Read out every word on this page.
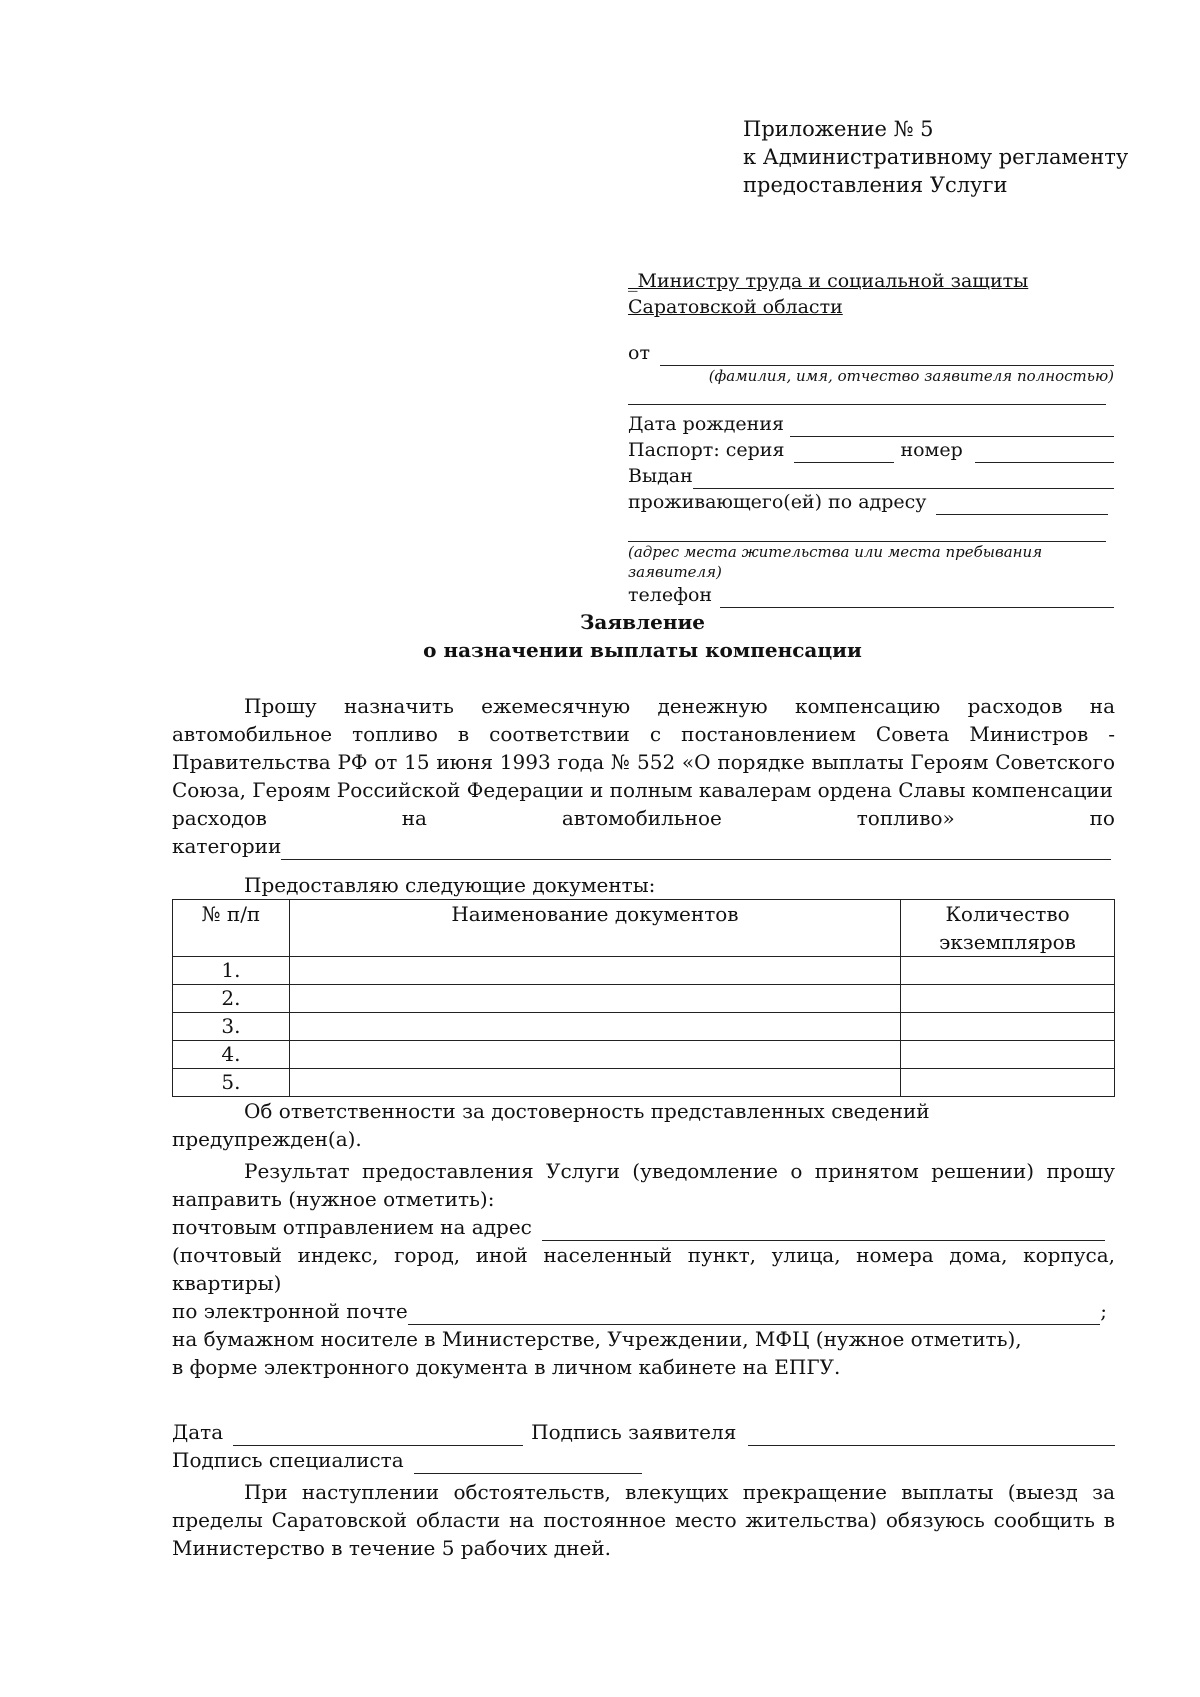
Приложение № 5
к Административному регламенту
предоставления Услуги
_Министру труда и социальной защиты
Саратовской области
от
(фамилия, имя, отчество заявителя полностью)
Дата рождения
Паспорт: серия	номер
Выдан
проживающего(ей) по адресу
(адрес места жительства или места пребывания заявителя)
телефон
Заявление
о назначении выплаты компенсации
Прошу назначить ежемесячную денежную компенсацию расходов на автомобильное топливо в соответствии с постановлением Совета Министров - Правительства РФ от 15 июня 1993 года № 552 «О порядке выплаты Героям Советского Союза, Героям Российской Федерации и полным кавалерам ордена Славы компенсации
расходов	на	автомобильное	топливо»	по
категории
Предоставляю следующие документы:
№ п/п	Наименование документов	Количество
экземпляров

1.		
2.		
3.		
4.		
5.		
Об ответственности за достоверность представленных сведений предупрежден(а).
Результат предоставления Услуги (уведомление о принятом решении) прошу направить (нужное отметить):
почтовым отправлением на адрес
(почтовый индекс, город, иной населенный пункт, улица, номера дома, корпуса, квартиры)
по электронной почте	;
на бумажном носителе в Министерстве, Учреждении, МФЦ (нужное отметить),
в форме электронного документа в личном кабинете на ЕПГУ.
Дата	Подпись заявителя
Подпись специалиста
При наступлении обстоятельств, влекущих прекращение выплаты (выезд за пределы Саратовской области на постоянное место жительства) обязуюсь сообщить в Министерство в течение 5 рабочих дней.
